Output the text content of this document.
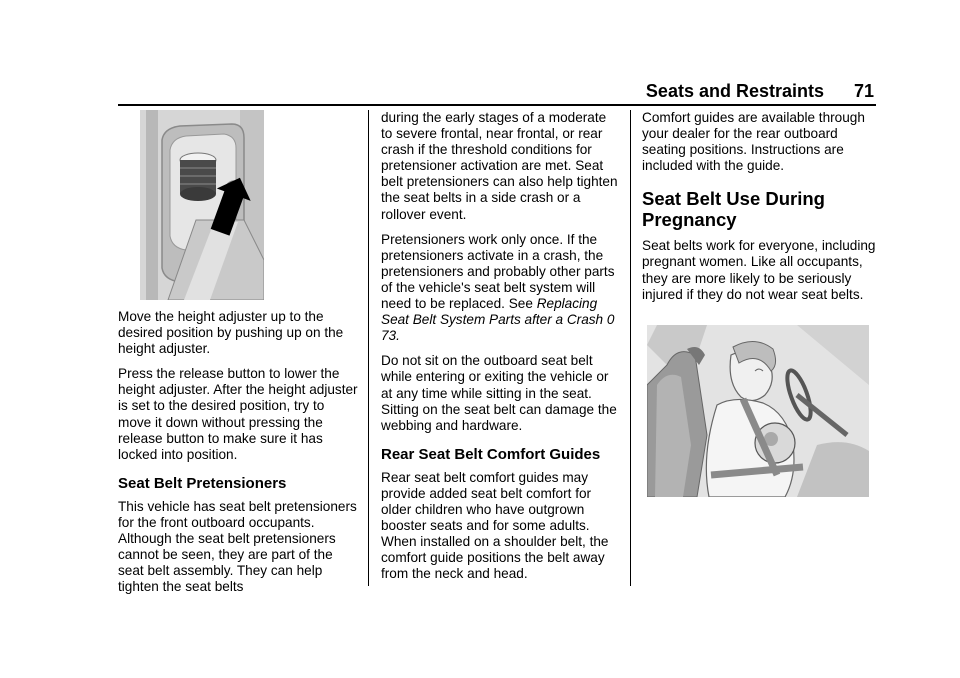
Seats and Restraints 71

Move the height adjuster up to the desired position by pushing up on the height adjuster.

Press the release button to lower the height adjuster. After the height adjuster is set to the desired position, try to move it down without pressing the release button to make sure it has locked into position.

Seat Belt Pretensioners

This vehicle has seat belt pretensioners for the front outboard occupants. Although the seat belt pretensioners cannot be seen, they are part of the seat belt assembly. They can help tighten the seat belts

during the early stages of a moderate to severe frontal, near frontal, or rear crash if the threshold conditions for pretensioner activation are met. Seat belt pretensioners can also help tighten the seat belts in a side crash or a rollover event.

Pretensioners work only once. If the pretensioners activate in a crash, the pretensioners and probably other parts of the vehicle's seat belt system will need to be replaced. See Replacing Seat Belt System Parts after a Crash 0 73.

Do not sit on the outboard seat belt while entering or exiting the vehicle or at any time while sitting in the seat. Sitting on the seat belt can damage the webbing and hardware.

Rear Seat Belt Comfort Guides

Rear seat belt comfort guides may provide added seat belt comfort for older children who have outgrown booster seats and for some adults. When installed on a shoulder belt, the comfort guide positions the belt away from the neck and head.

Comfort guides are available through your dealer for the rear outboard seating positions. Instructions are included with the guide.

Seat Belt Use During Pregnancy

Seat belts work for everyone, including pregnant women. Like all occupants, they are more likely to be seriously injured if they do not wear seat belts.
